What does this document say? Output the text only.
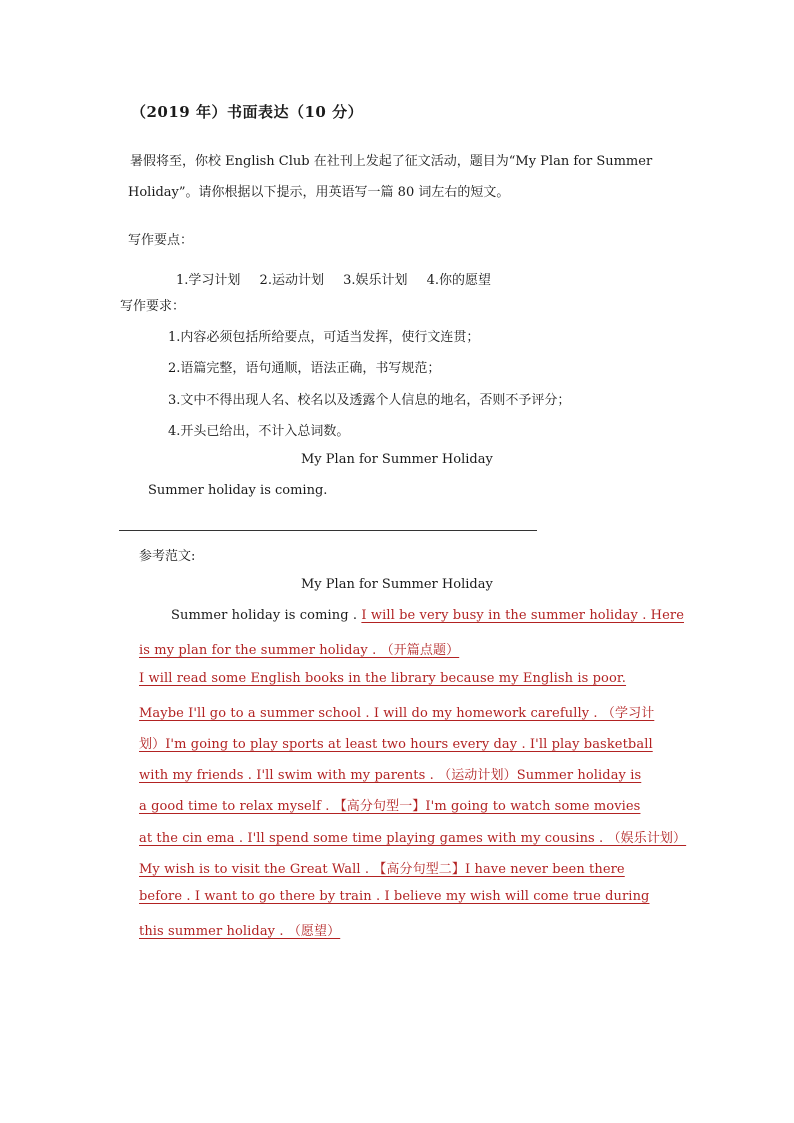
（2019 年）书面表达（10 分）
暑假将至，你校 English Club 在社刊上发起了征文活动，题目为“My Plan for Summer
Holiday”。请你根据以下提示，用英语写一篇 80 词左右的短文。
写作要点：
1.学习计划 2.运动计划 3.娱乐计划 4.你的愿望
写作要求：
1.内容必须包括所给要点，可适当发挥，使行文连贯；
2.语篇完整，语句通顺，语法正确，书写规范；
3.文中不得出现人名、校名以及透露个人信息的地名，否则不予评分；
4.开头已给出，不计入总词数。
My Plan for Summer Holiday
Summer holiday is coming.
参考范文:
My Plan for Summer Holiday
Summer holiday is coming . I will be very busy in the summer holiday . Here
is my plan for the summer holiday . （开篇点题）
I will read some English books in the library because my English is poor.
Maybe I'll go to a summer school . I will do my homework carefully . （学习计
划）I'm going to play sports at least two hours every day . I'll play basketball
with my friends . I'll swim with my parents . （运动计划）Summer holiday is
a good time to relax myself . 【高分句型一】I'm going to watch some movies
at the cin ema . I'll spend some time playing games with my cousins . （娱乐计划）
My wish is to visit the Great Wall . 【高分句型二】I have never been there
before . I want to go there by train . I believe my wish will come true during
this summer holiday . （愿望）
